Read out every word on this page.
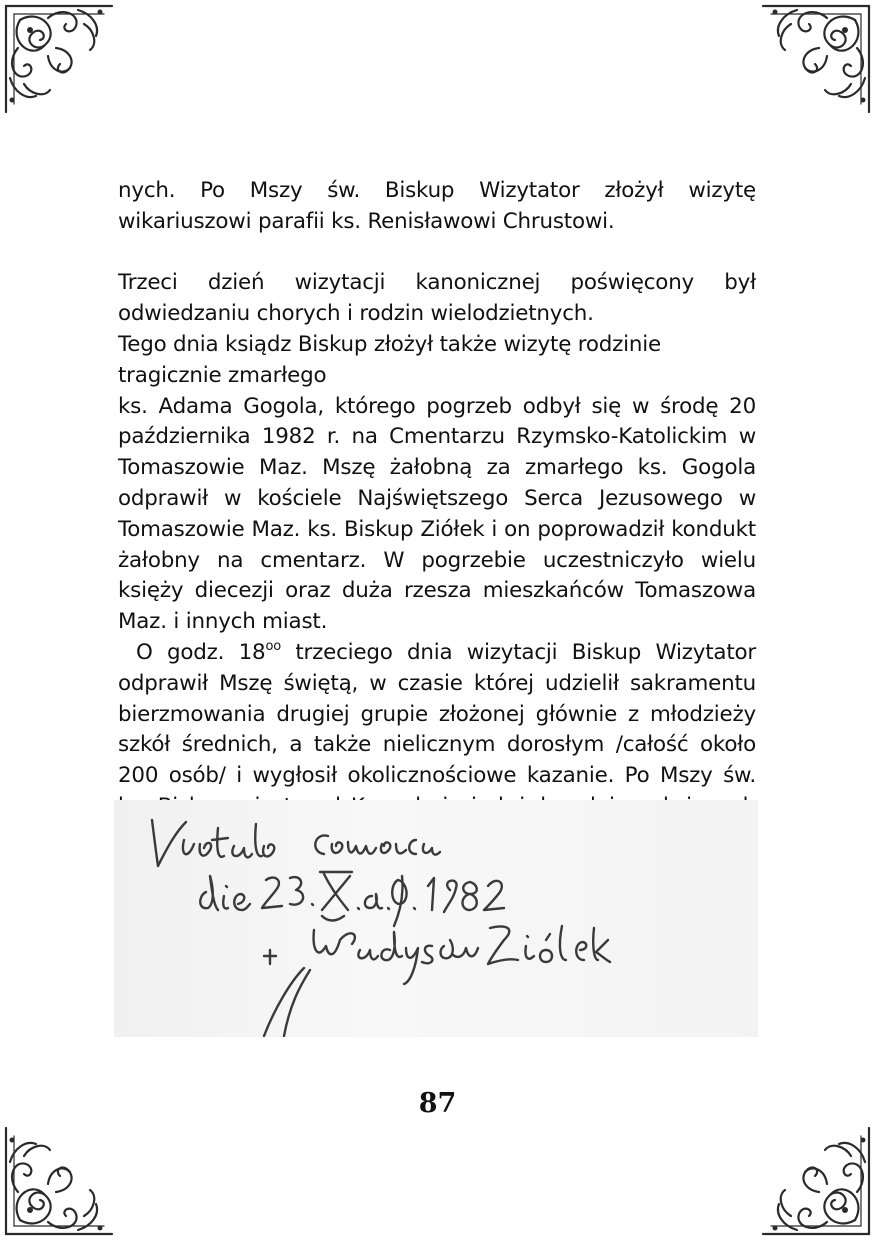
nych. Po Mszy św. Biskup Wizytator złożył wizytę wikariuszowi parafii ks. Renisławowi Chrustowi.

Trzeci dzień wizytacji kanonicznej poświęcony był odwiedzaniu chorych i rodzin wielodzietnych.

Tego dnia ksiądz Biskup złożył także wizytę rodzinie tragicznie zmarłego

ks. Adama Gogola, którego pogrzeb odbył się w środę 20 października 1982 r. na Cmentarzu Rzymsko-Katolickim w Tomaszowie Maz. Mszę żałobną za zmarłego ks. Gogola odprawił w kościele Najświętszego Serca Jezusowego w Tomaszowie Maz. ks. Biskup Ziółek i on poprowadził kondukt żałobny na cmentarz. W pogrzebie uczestniczyło wielu księży diecezji oraz duża rzesza mieszkańców Tomaszowa Maz. i innych miast.

O godz. $18^{oo}$ trzeciego dnia wizytacji Biskup Wizytator odprawił Mszę świętą, w czasie której udzielił sakramentu bierzmowania drugiej grupie złożonej głównie z młodzieży szkół średnich, a także nielicznym dorosłym /całość około 200 osób/ i wygłosił okolicznościowe kazanie. Po Mszy św.

87
